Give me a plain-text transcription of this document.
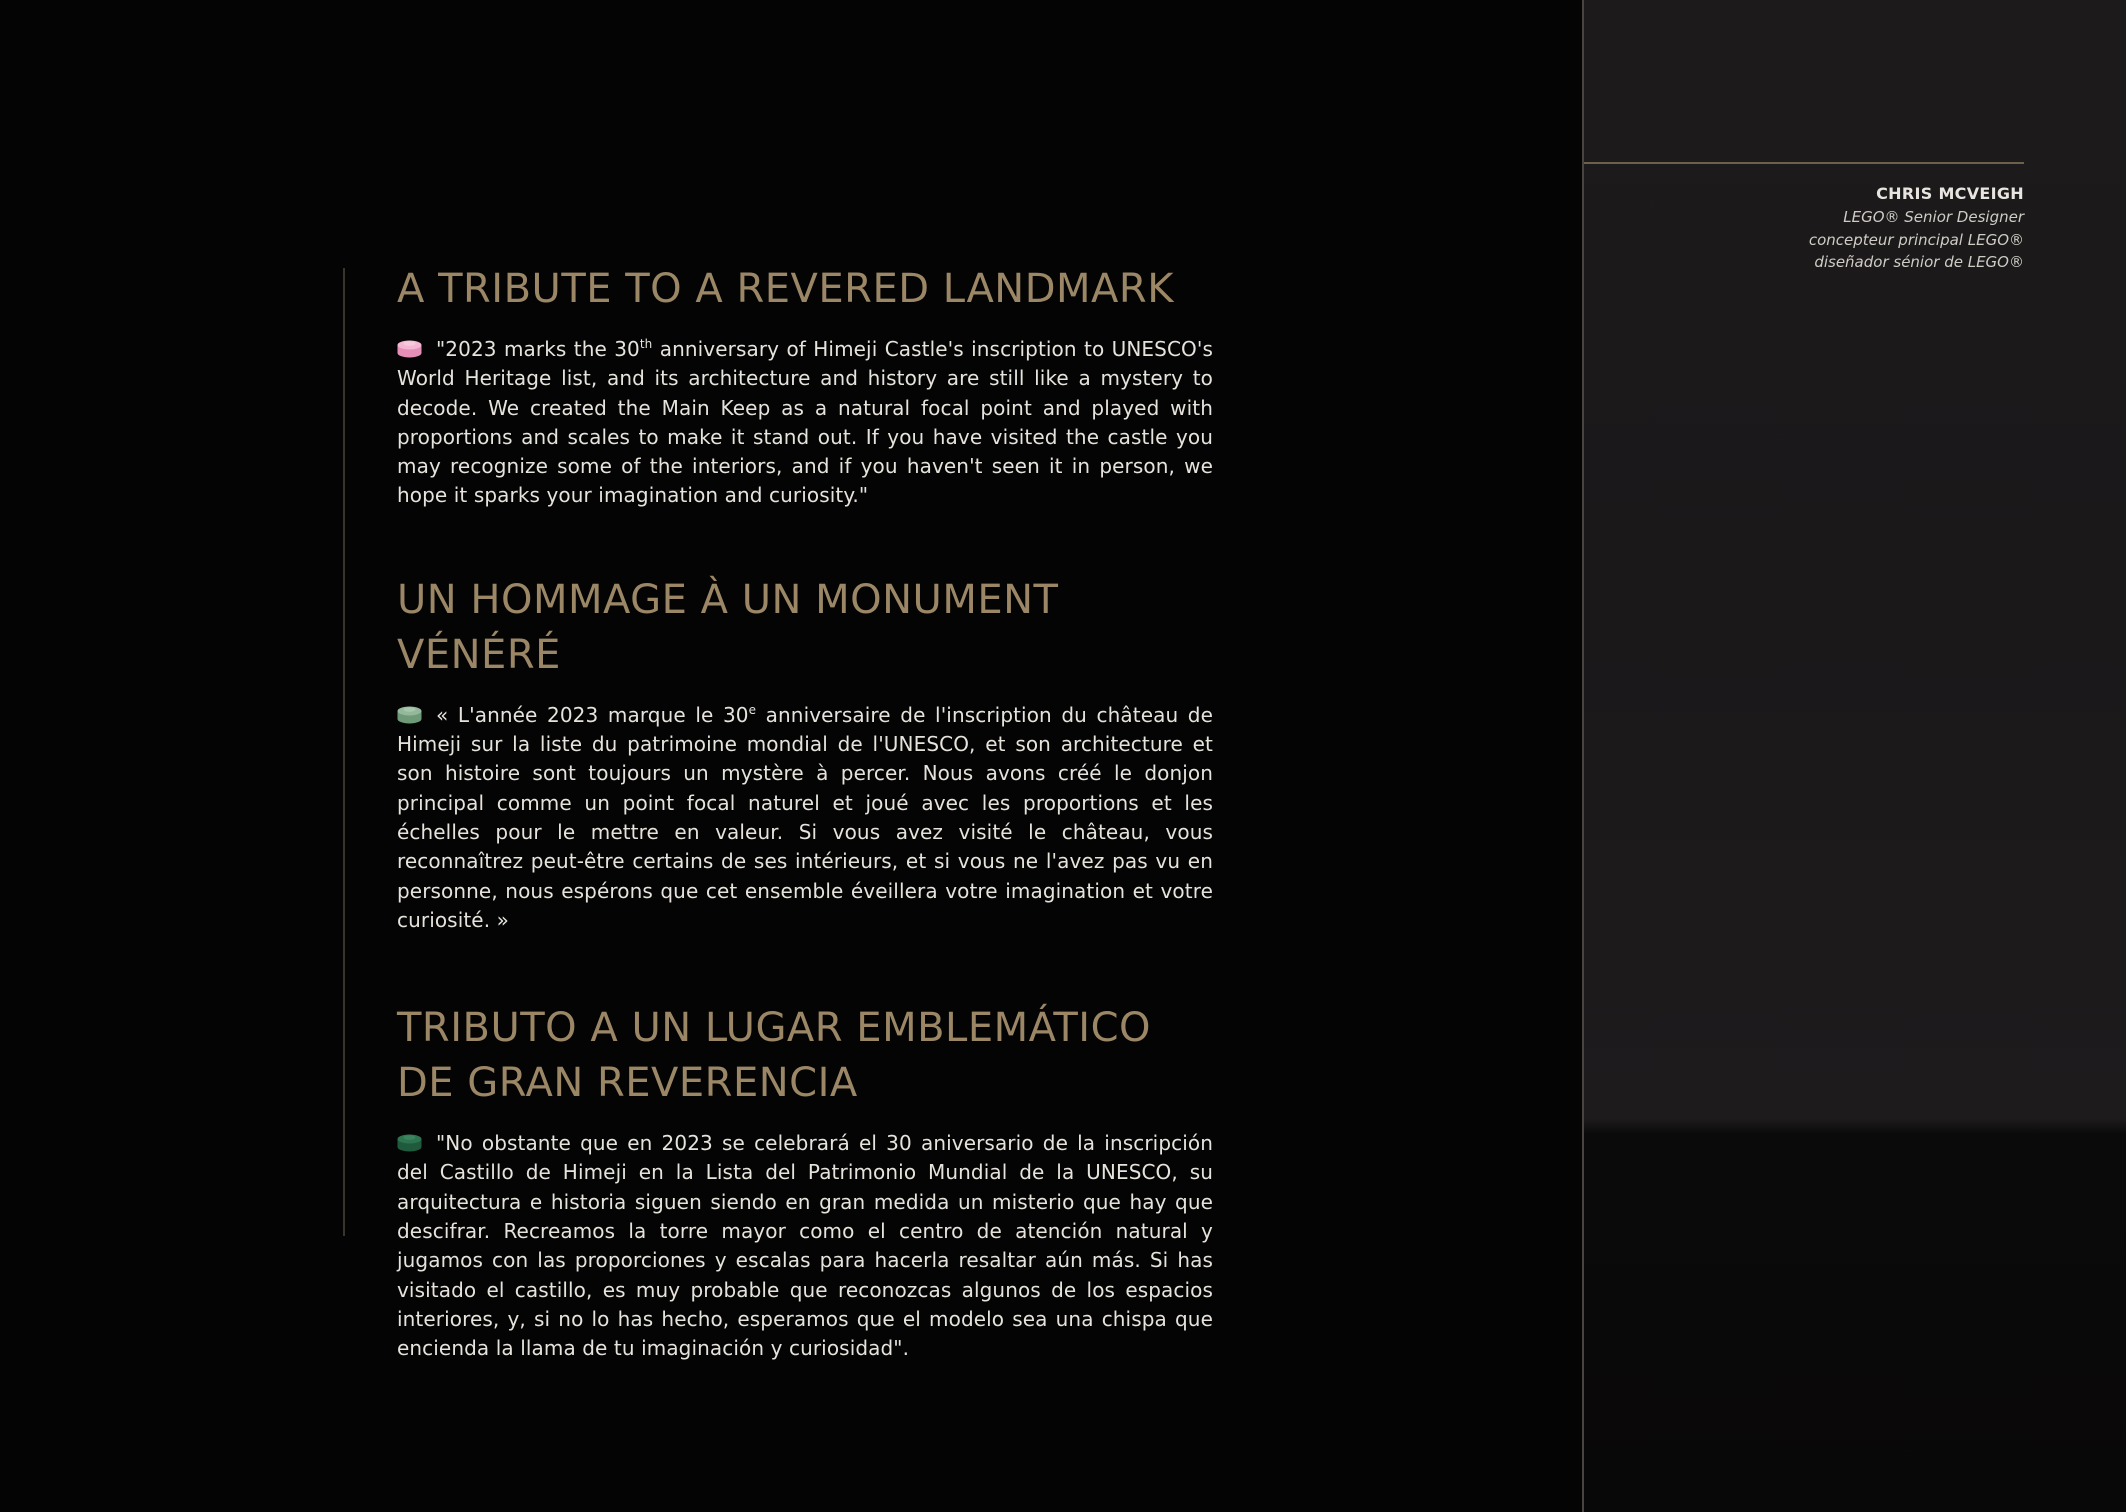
A TRIBUTE TO A REVERED LANDMARK

"2023 marks the 30th anniversary of Himeji Castle's inscription to UNESCO's World Heritage list, and its architecture and history are still like a mystery to decode. We created the Main Keep as a natural focal point and played with proportions and scales to make it stand out. If you have visited the castle you may recognize some of the interiors, and if you haven't seen it in person, we hope it sparks your imagination and curiosity."

UN HOMMAGE À UN MONUMENT VÉNÉRÉ

« L'année 2023 marque le 30e anniversaire de l'inscription du château de Himeji sur la liste du patrimoine mondial de l'UNESCO, et son architecture et son histoire sont toujours un mystère à percer. Nous avons créé le donjon principal comme un point focal naturel et joué avec les proportions et les échelles pour le mettre en valeur. Si vous avez visité le château, vous reconnaîtrez peut-être certains de ses intérieurs, et si vous ne l'avez pas vu en personne, nous espérons que cet ensemble éveillera votre imagination et votre curiosité. »

TRIBUTO A UN LUGAR EMBLEMÁTICO DE GRAN REVERENCIA

"No obstante que en 2023 se celebrará el 30 aniversario de la inscripción del Castillo de Himeji en la Lista del Patrimonio Mundial de la UNESCO, su arquitectura e historia siguen siendo en gran medida un misterio que hay que descifrar. Recreamos la torre mayor como el centro de atención natural y jugamos con las proporciones y escalas para hacerla resaltar aún más. Si has visitado el castillo, es muy probable que reconozcas algunos de los espacios interiores, y, si no lo has hecho, esperamos que el modelo sea una chispa que encienda la llama de tu imaginación y curiosidad".

CHRIS MCVEIGH
LEGO® Senior Designer
concepteur principal LEGO®
diseñador sénior de LEGO®
